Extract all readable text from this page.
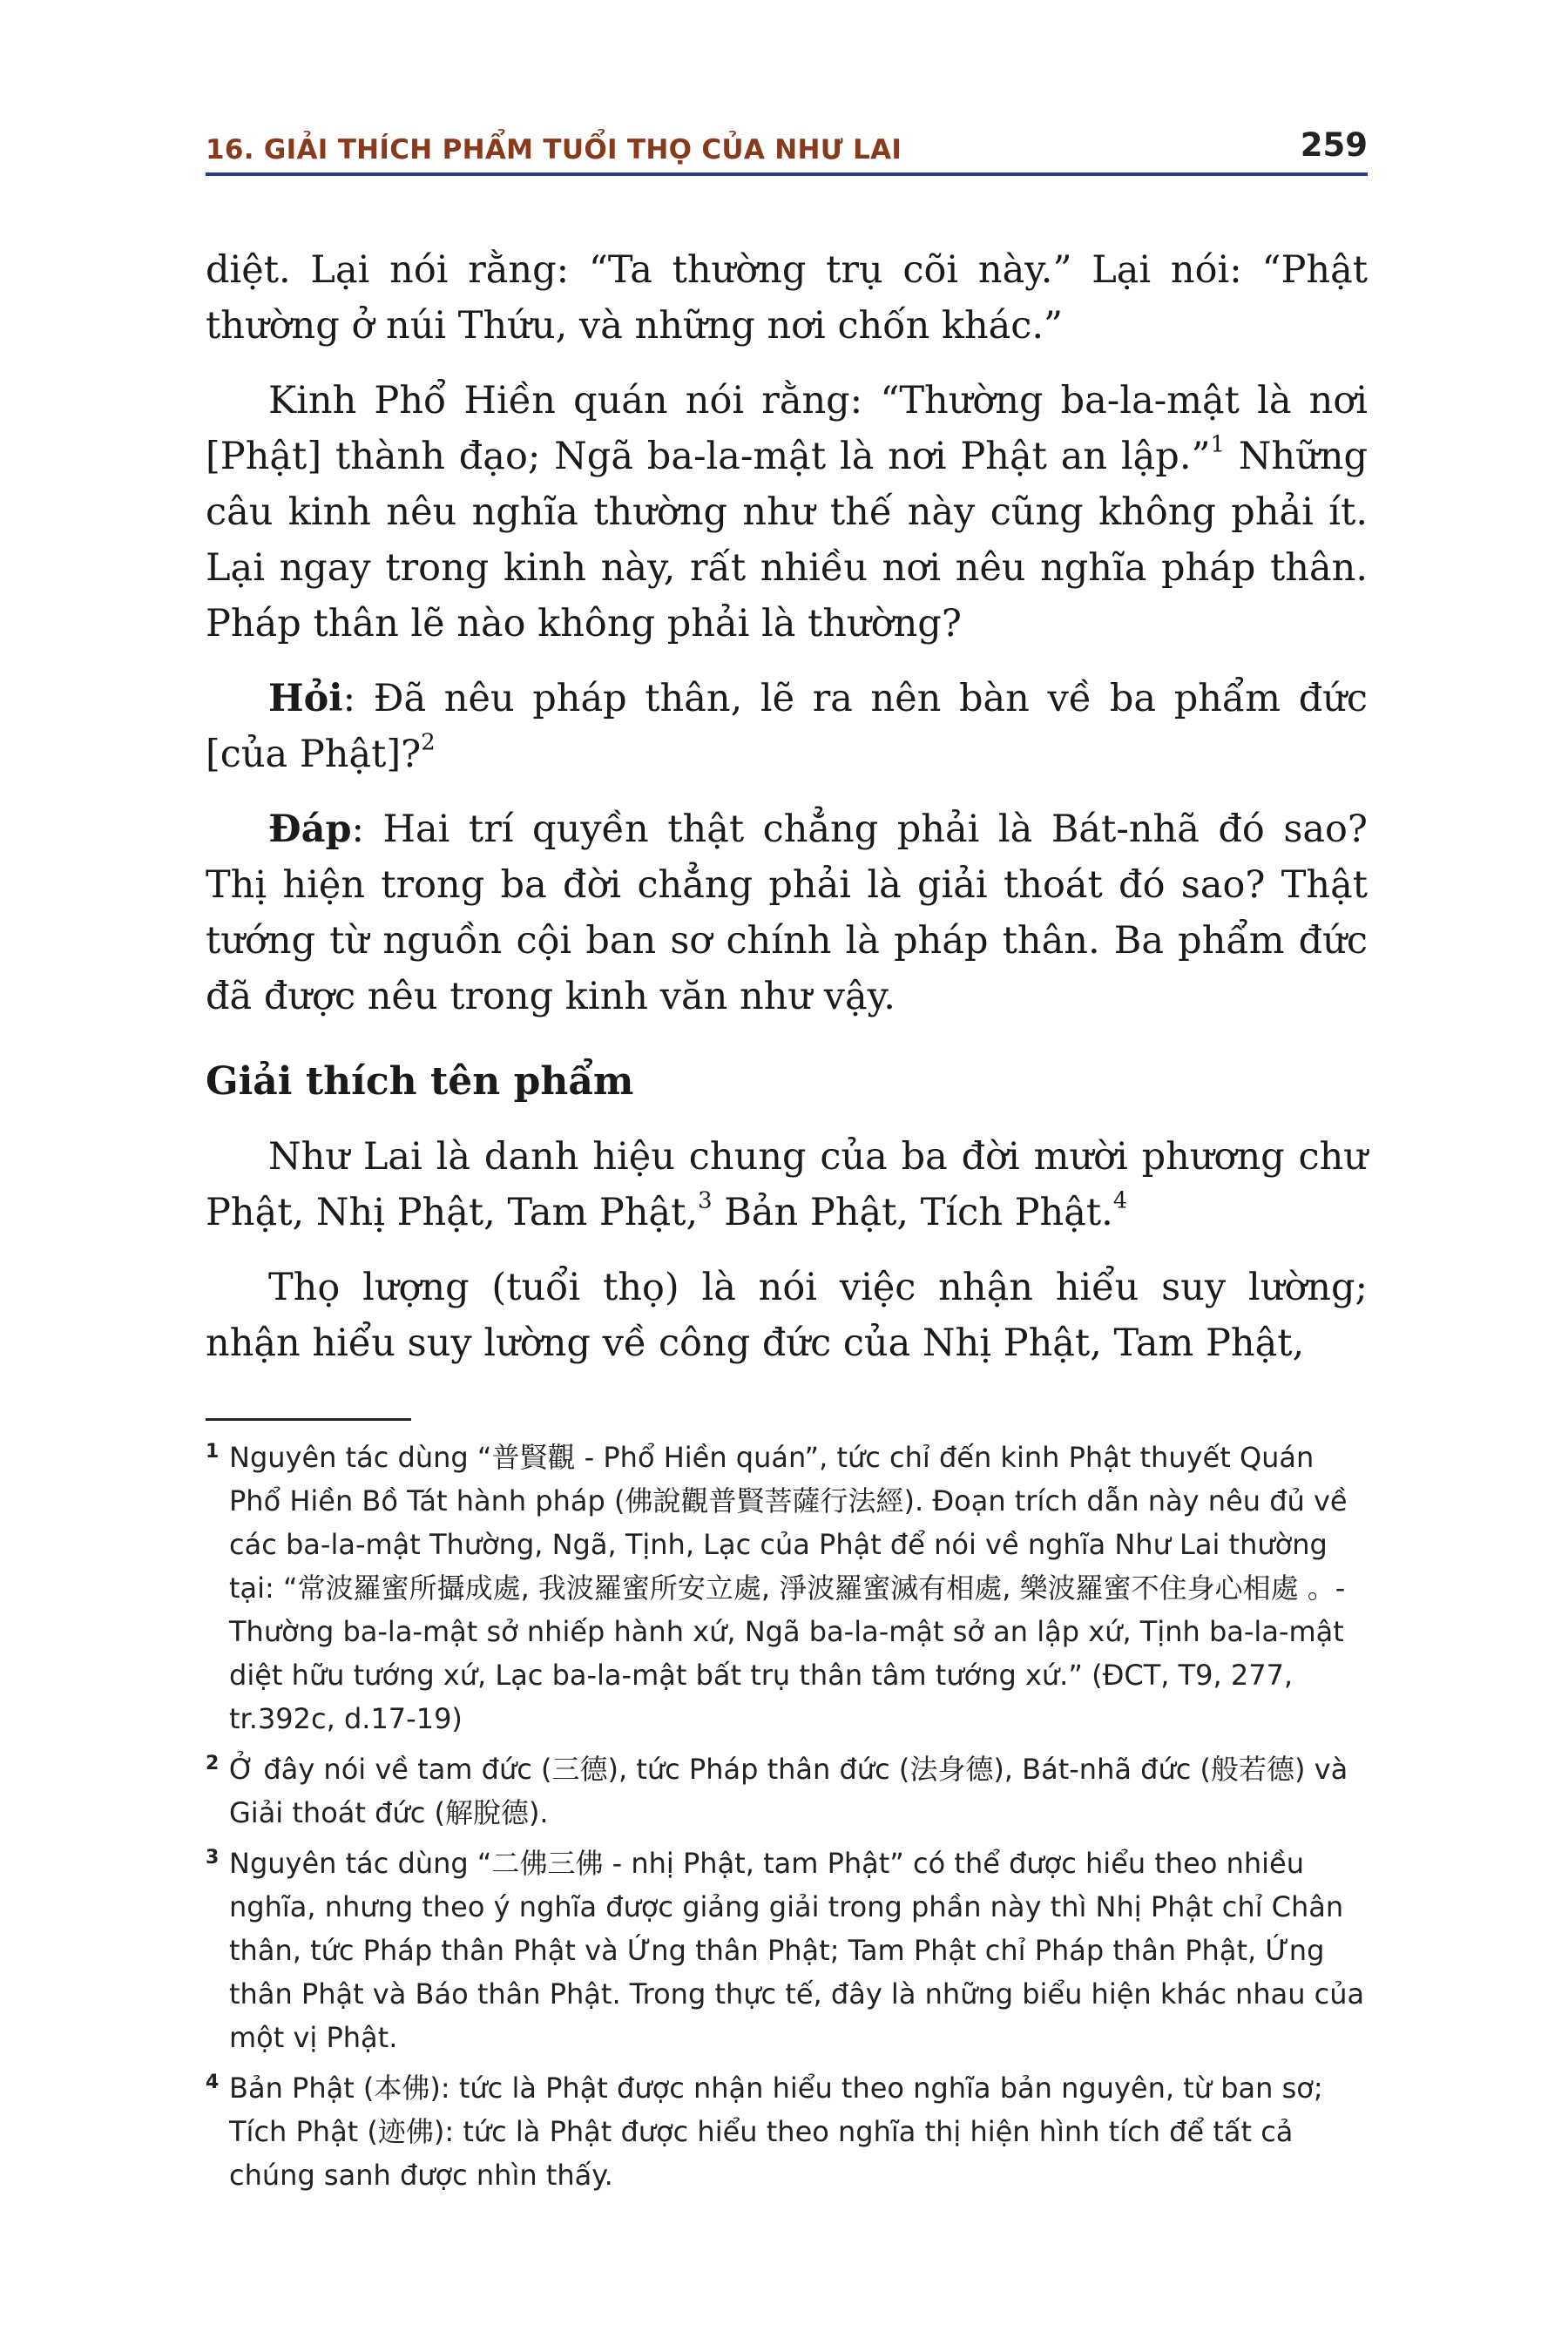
16. GIẢI THÍCH PHẨM TUỔI THỌ CỦA NHƯ LAI	259

diệt. Lại nói rằng: “Ta thường trụ cõi này.” Lại nói: “Phật thường ở núi Thứu, và những nơi chốn khác.”

Kinh Phổ Hiền quán nói rằng: “Thường ba-la-mật là nơi [Phật] thành đạo; Ngã ba-la-mật là nơi Phật an lập.”$^1$ Những câu kinh nêu nghĩa thường như thế này cũng không phải ít. Lại ngay trong kinh này, rất nhiều nơi nêu nghĩa pháp thân. Pháp thân lẽ nào không phải là thường?

Hỏi: Đã nêu pháp thân, lẽ ra nên bàn về ba phẩm đức [của Phật]?$^2$

Đáp: Hai trí quyền thật chẳng phải là Bát-nhã đó sao? Thị hiện trong ba đời chẳng phải là giải thoát đó sao? Thật tướng từ nguồn cội ban sơ chính là pháp thân. Ba phẩm đức đã được nêu trong kinh văn như vậy.

Giải thích tên phẩm

Như Lai là danh hiệu chung của ba đời mười phương chư Phật, Nhị Phật, Tam Phật,$^3$ Bản Phật, Tích Phật.$^4$

Thọ lượng (tuổi thọ) là nói việc nhận hiểu suy lường; nhận hiểu suy lường về công đức của Nhị Phật, Tam Phật,

1 Nguyên tác dùng “普賢觀 - Phổ Hiền quán”, tức chỉ đến kinh Phật thuyết Quán Phổ Hiền Bồ Tát hành pháp (佛說觀普賢菩薩行法經). Đoạn trích dẫn này nêu đủ về các ba-la-mật Thường, Ngã, Tịnh, Lạc của Phật để nói về nghĩa Như Lai thường tại: “常波羅蜜所攝成處, 我波羅蜜所安立處, 淨波羅蜜滅有相處, 樂波羅蜜不住身心相處 。- Thường ba-la-mật sở nhiếp hành xứ, Ngã ba-la-mật sở an lập xứ, Tịnh ba-la-mật diệt hữu tướng xứ, Lạc ba-la-mật bất trụ thân tâm tướng xứ.” (ĐCT, T9, 277, tr.392c, d.17-19)
2 Ở đây nói về tam đức (三德), tức Pháp thân đức (法身德), Bát-nhã đức (般若德) và Giải thoát đức (解脫德).
3 Nguyên tác dùng “二佛三佛 - nhị Phật, tam Phật” có thể được hiểu theo nhiều nghĩa, nhưng theo ý nghĩa được giảng giải trong phần này thì Nhị Phật chỉ Chân thân, tức Pháp thân Phật và Ứng thân Phật; Tam Phật chỉ Pháp thân Phật, Ứng thân Phật và Báo thân Phật. Trong thực tế, đây là những biểu hiện khác nhau của một vị Phật.
4 Bản Phật (本佛): tức là Phật được nhận hiểu theo nghĩa bản nguyên, từ ban sơ; Tích Phật (迹佛): tức là Phật được hiểu theo nghĩa thị hiện hình tích để tất cả chúng sanh được nhìn thấy.
